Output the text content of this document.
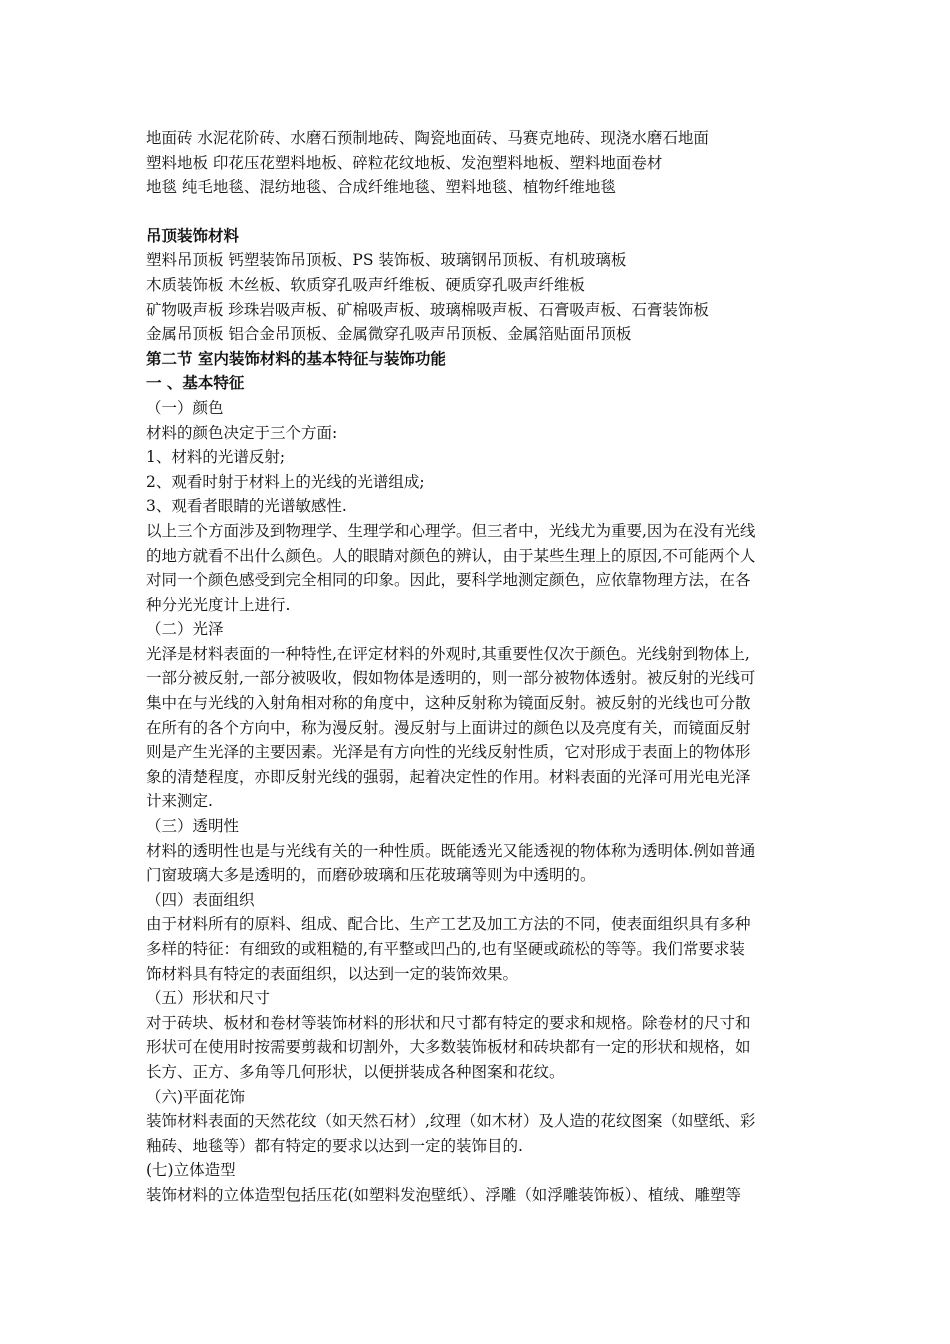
地面砖 水泥花阶砖、水磨石预制地砖、陶瓷地面砖、马赛克地砖、现浇水磨石地面
塑料地板 印花压花塑料地板、碎粒花纹地板、发泡塑料地板、塑料地面卷材
地毯 纯毛地毯、混纺地毯、合成纤维地毯、塑料地毯、植物纤维地毯
吊顶装饰材料
塑料吊顶板 钙塑装饰吊顶板、PS 装饰板、玻璃钢吊顶板、有机玻璃板
木质装饰板 木丝板、软质穿孔吸声纤维板、硬质穿孔吸声纤维板
矿物吸声板 珍珠岩吸声板、矿棉吸声板、玻璃棉吸声板、石膏吸声板、石膏装饰板
金属吊顶板 铝合金吊顶板、金属微穿孔吸声吊顶板、金属箔贴面吊顶板
第二节 室内装饰材料的基本特征与装饰功能
一 、基本特征
（一）颜色
材料的颜色决定于三个方面:
1、材料的光谱反射;
2、观看时射于材料上的光线的光谱组成;
3、观看者眼睛的光谱敏感性.
以上三个方面涉及到物理学、生理学和心理学。但三者中，光线尤为重要,因为在没有光线
的地方就看不出什么颜色。人的眼睛对颜色的辨认，由于某些生理上的原因,不可能两个人
对同一个颜色感受到完全相同的印象。因此，要科学地测定颜色，应依靠物理方法，在各
种分光光度计上进行.
（二）光泽
光泽是材料表面的一种特性,在评定材料的外观时,其重要性仅次于颜色。光线射到物体上,
一部分被反射,一部分被吸收，假如物体是透明的，则一部分被物体透射。被反射的光线可
集中在与光线的入射角相对称的角度中，这种反射称为镜面反射。被反射的光线也可分散
在所有的各个方向中，称为漫反射。漫反射与上面讲过的颜色以及亮度有关，而镜面反射
则是产生光泽的主要因素。光泽是有方向性的光线反射性质，它对形成于表面上的物体形
象的清楚程度，亦即反射光线的强弱，起着决定性的作用。材料表面的光泽可用光电光泽
计来测定.
（三）透明性
材料的透明性也是与光线有关的一种性质。既能透光又能透视的物体称为透明体.例如普通
门窗玻璃大多是透明的，而磨砂玻璃和压花玻璃等则为中透明的。
（四）表面组织
由于材料所有的原料、组成、配合比、生产工艺及加工方法的不同，使表面组织具有多种
多样的特征：有细致的或粗糙的,有平整或凹凸的,也有坚硬或疏松的等等。我们常要求装
饰材料具有特定的表面组织，以达到一定的装饰效果。
（五）形状和尺寸
对于砖块、板材和卷材等装饰材料的形状和尺寸都有特定的要求和规格。除卷材的尺寸和
形状可在使用时按需要剪裁和切割外，大多数装饰板材和砖块都有一定的形状和规格，如
长方、正方、多角等几何形状，以便拼装成各种图案和花纹。
（六)平面花饰
装饰材料表面的天然花纹（如天然石材）,纹理（如木材）及人造的花纹图案（如壁纸、彩
釉砖、地毯等）都有特定的要求以达到一定的装饰目的.
(七)立体造型
装饰材料的立体造型包括压花(如塑料发泡壁纸）、浮雕（如浮雕装饰板）、植绒、雕塑等
